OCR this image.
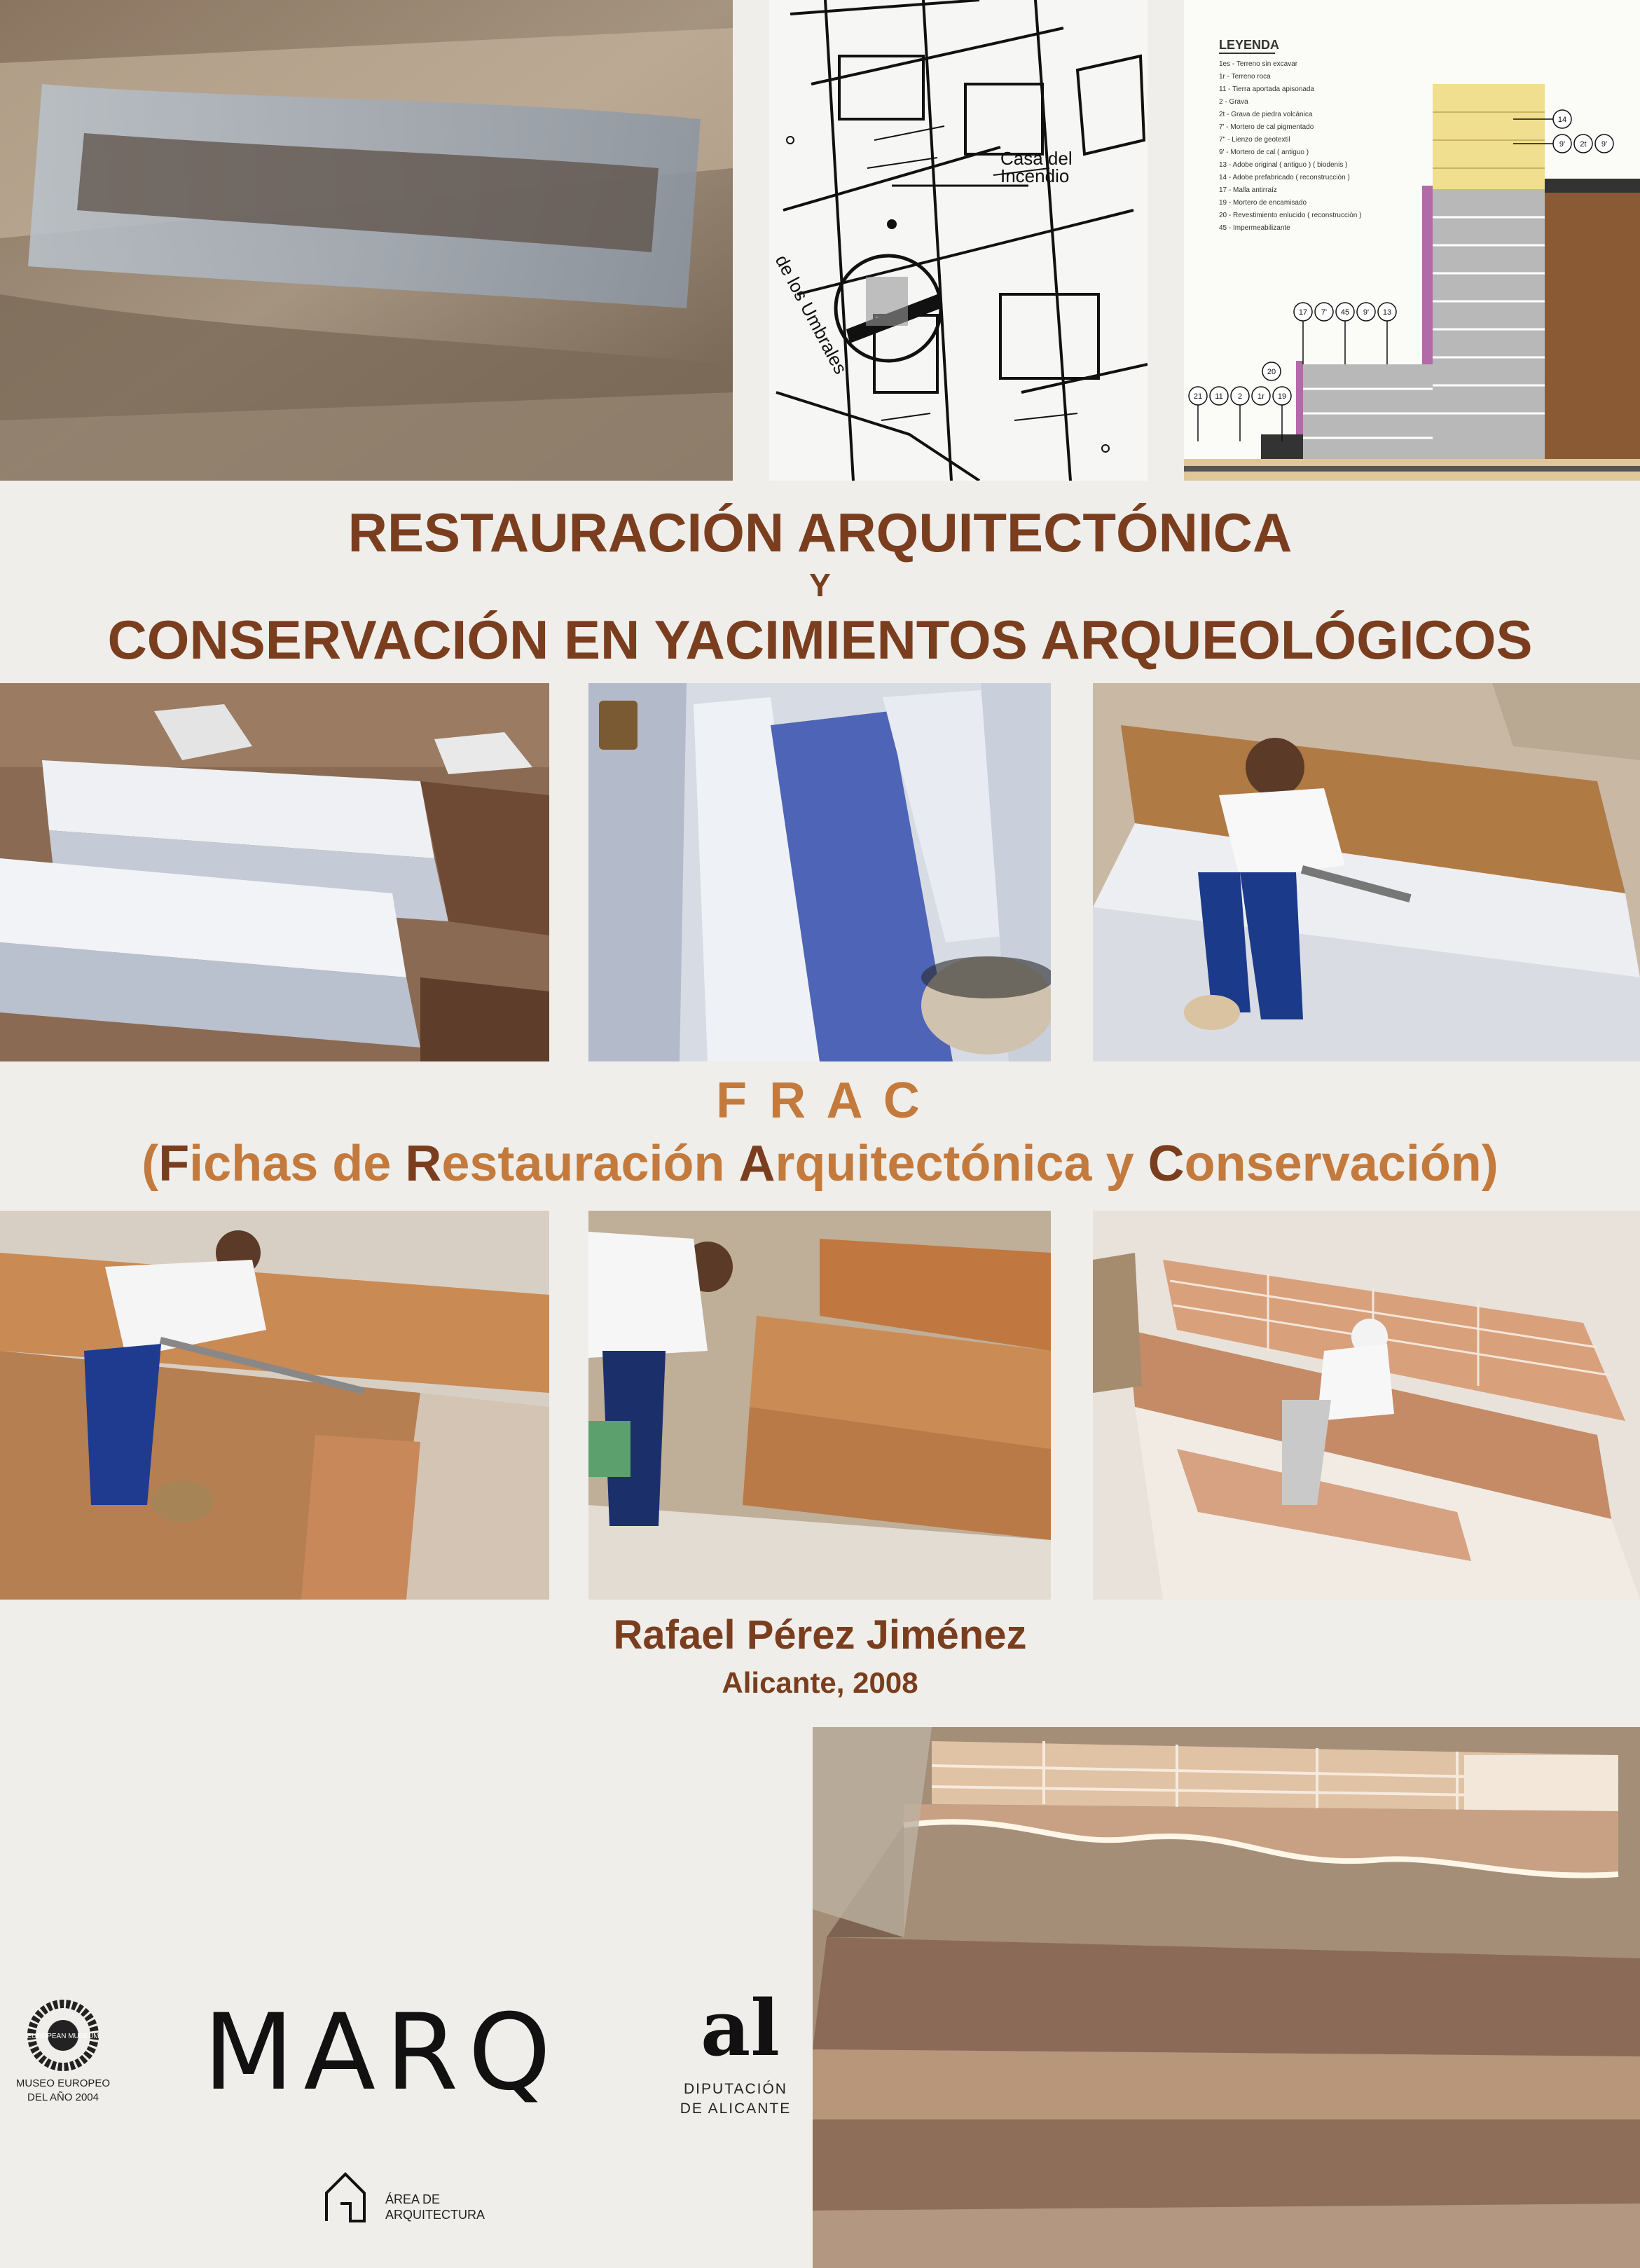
Casa del
Incendio
de los Umbrales
LEYENDA
1es - Terreno sin excavar
1r - Terreno roca
11 - Tierra aportada apisonada
2 - Grava
2t - Grava de piedra volcánica
7' - Mortero de cal pigmentado
7'' - Lienzo de geotextil
9' - Mortero de cal ( antiguo )
13 - Adobe original ( antiguo ) ( biodenis )
14 - Adobe prefabricado ( reconstrucción )
17 - Malla antirraíz
19 - Mortero de encamisado
20 - Revestimiento enlucido ( reconstrucción )
45 - Impermeabilizante
14
9' 2t 9'
17 7' 45 9' 13
20
21 11 2 1r 19
RESTAURACIÓN ARQUITECTÓNICA
Y
CONSERVACIÓN EN YACIMIENTOS ARQUEOLÓGICOS
F R A C
(Fichas de Restauración Arquitectónica y Conservación)
Rafael Pérez Jiménez
Alicante, 2008
EUROPEAN MUSEUM
MUSEO EUROPEO
DEL AÑO 2004 MARQ al
DIPUTACIÓN
DE ALICANTE
ÁREA DE
ARQUITECTURA
